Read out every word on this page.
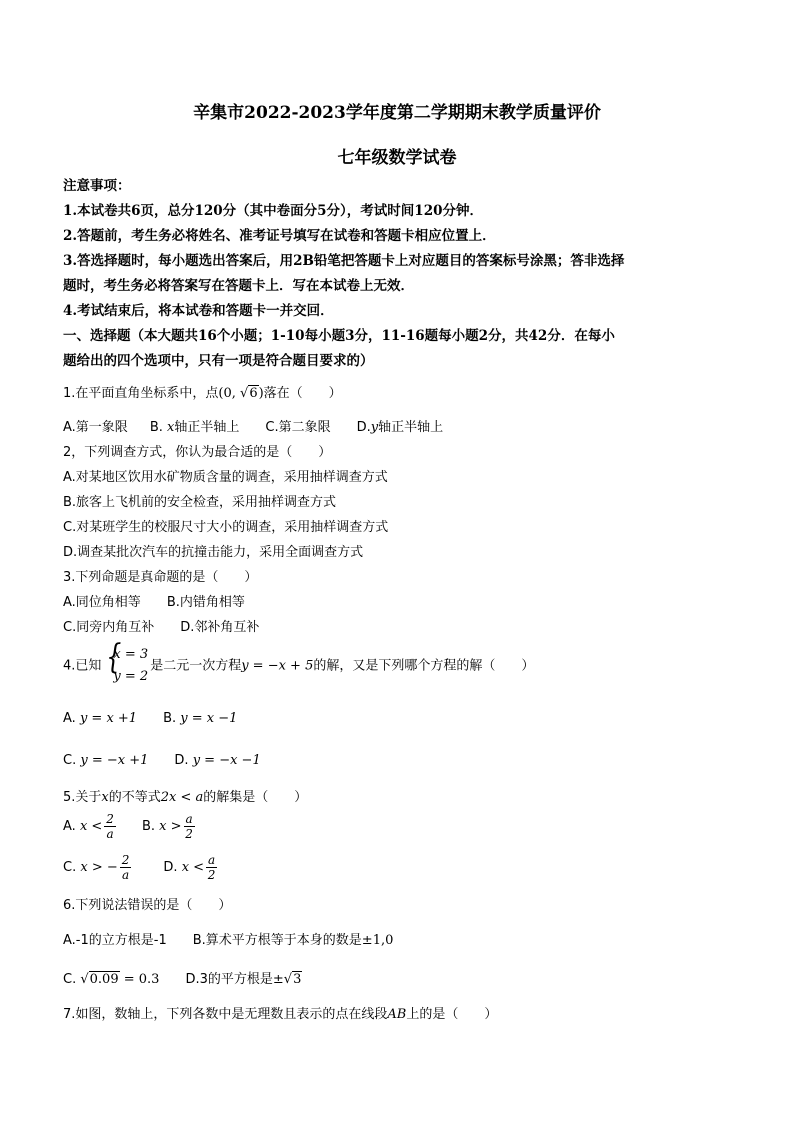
辛集市2022-2023学年度第二学期期末教学质量评价
七年级数学试卷
注意事项：
1.本试卷共6页，总分120分（其中卷面分5分），考试时间120分钟．
2.答题前，考生务必将姓名、准考证号填写在试卷和答题卡相应位置上．
3.答选择题时，每小题选出答案后，用2B铅笔把答题卡上对应题目的答案标号涂黑；答非选择
题时，考生务必将答案写在答题卡上．写在本试卷上无效．
4.考试结束后，将本试卷和答题卡一并交回．
一、选择题（本大题共16个小题；1-10每小题3分，11-16题每小题2分，共42分．在每小
题给出的四个选项中，只有一项是符合题目要求的）
1.在平面直角坐标系中，点(0, √6)落在（　　）
A.第一象限 B. x轴正半轴上 C.第二象限 D.y轴正半轴上
2，下列调查方式，你认为最合适的是（　　）
A.对某地区饮用水矿物质含量的调查，采用抽样调查方式
B.旅客上飞机前的安全检查，采用抽样调查方式
C.对某班学生的校服尺寸大小的调查，采用抽样调查方式
D.调查某批次汽车的抗撞击能力，采用全面调查方式
3.下列命题是真命题的是（　　）
A.同位角相等 B.内错角相等
C.同旁内角互补 D.邻补角互补
4.已知 {
x = 3
y = 2
是二元一次方程y = −x + 5的解，又是下列哪个方程的解（　　）
A. y = x +1 B. y = x −1
C. y = −x +1 D. y = −x −1
5.关于x的不等式2x < a的解集是（　　）
A. $x < \frac{2}{a} B$. $x > \frac{a}{2}$
C. x > − $\frac{2}{a} D$. $x < \frac{a}{2}$
6.下列说法错误的是（　　）
A.-1的立方根是-1 B.算术平方根等于本身的数是±1,0
C. √0.09 = 0.3 D.3的平方根是±√3
7.如图，数轴上，下列各数中是无理数且表示的点在线段AB上的是（　　）
